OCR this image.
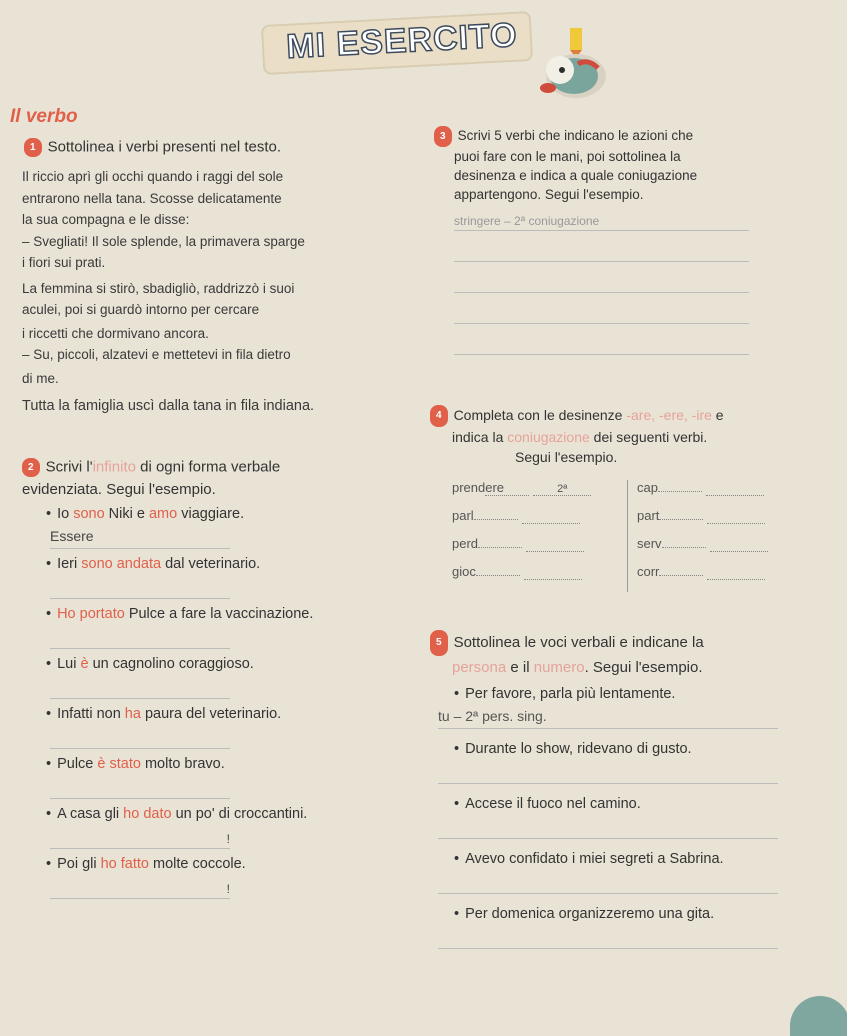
MI ESERCITO
Il verbo
1 Sottolinea i verbi presenti nel testo.
Il riccio aprì gli occhi quando i raggi del sole
entrarono nella tana. Scosse delicatamente
la sua compagna e le disse:
– Svegliati! Il sole splende, la primavera sparge
i fiori sui prati.
La femmina si stirò, sbadigliò, raddrizzò i suoi
aculei, poi si guardò intorno per cercare
i riccetti che dormivano ancora.
– Su, piccoli, alzatevi e mettetevi in fila dietro
di me.
Tutta la famiglia uscì dalla tana in fila indiana.
2 Scrivi l'infinito di ogni forma verbale
evidenziata. Segui l'esempio.
• Io sono Niki e amo viaggiare.
Essere
• Ieri sono andata dal veterinario.
• Ho portato Pulce a fare la vaccinazione.
• Lui è un cagnolino coraggioso.
• Infatti non ha paura del veterinario.
• Pulce è stato molto bravo.
• A casa gli ho dato un po' di croccantini.
!
• Poi gli ho fatto molte coccole.
!
3 Scrivi 5 verbi che indicano le azioni che
puoi fare con le mani, poi sottolinea la
desinenza e indica a quale coniugazione
appartengono. Segui l'esempio.
stringere – 2ª coniugazione
4 Completa con le desinenze -are, -ere, -ire e
indica la coniugazione dei seguenti verbi.
Segui l'esempio.
prendere	2ª
parl
perd
gioc
cap
part
serv
corr
5 Sottolinea le voci verbali e indicane la
persona e il numero. Segui l'esempio.
• Per favore, parla più lentamente.
tu – 2ª pers. sing.
• Durante lo show, ridevano di gusto.
• Accese il fuoco nel camino.
• Avevo confidato i miei segreti a Sabrina.
• Per domenica organizzeremo una gita.
